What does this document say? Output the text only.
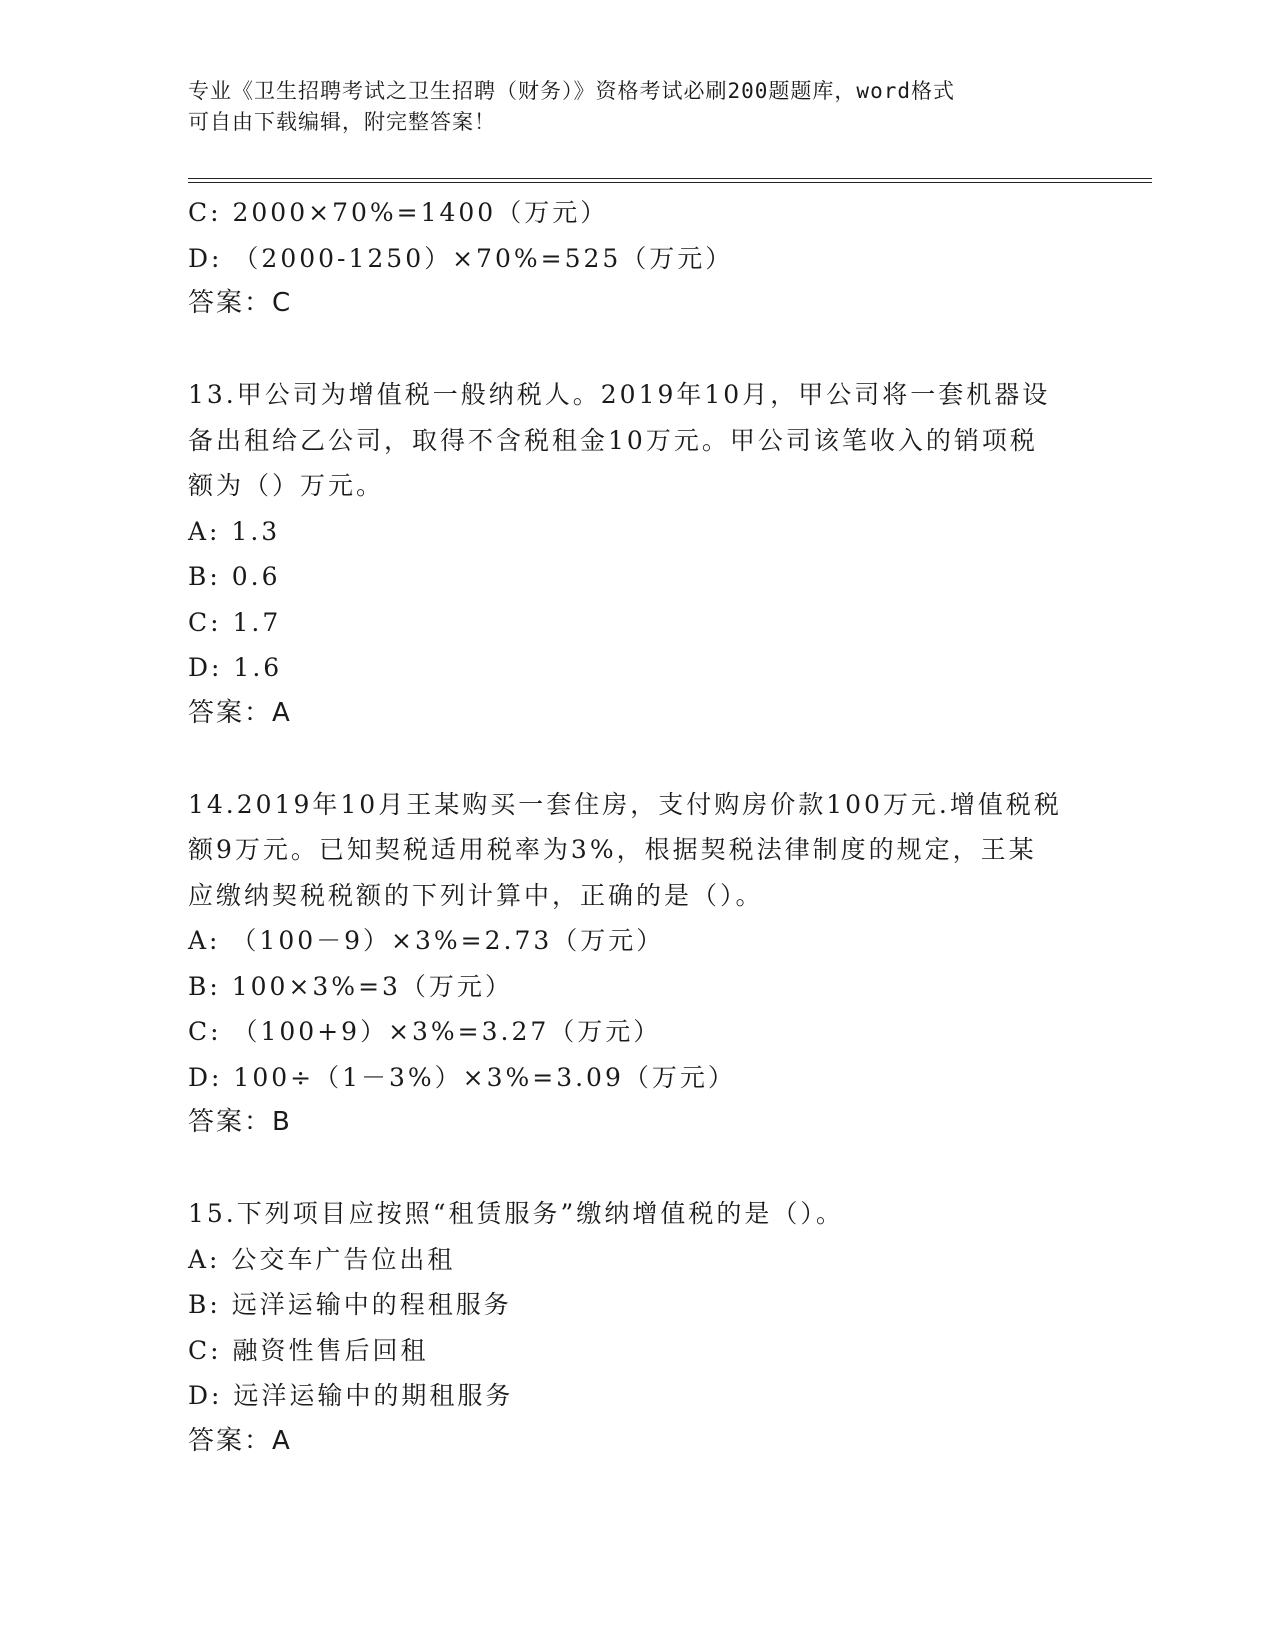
专业《卫生招聘考试之卫生招聘（财务）》资格考试必刷200题题库，word格式
可自由下载编辑，附完整答案！
C: 2000×70%=1400（万元）
D: （2000-1250）×70%=525（万元）
答案：C
13.甲公司为增值税一般纳税人。2019年10月，甲公司将一套机器设
备出租给乙公司，取得不含税租金10万元。甲公司该笔收入的销项税
额为（）万元。
A: 1.3
B: 0.6
C: 1.7
D: 1.6
答案：A
14.2019年10月王某购买一套住房，支付购房价款100万元.增值税税
额9万元。已知契税适用税率为3%，根据契税法律制度的规定，王某
应缴纳契税税额的下列计算中，正确的是（）。
A: （100－9）×3%=2.73（万元）
B: 100×3%=3（万元）
C: （100+9）×3%=3.27（万元）
D: 100÷（1－3%）×3%=3.09（万元）
答案：B
15.下列项目应按照“租赁服务”缴纳增值税的是（）。
A: 公交车广告位出租
B: 远洋运输中的程租服务
C: 融资性售后回租
D: 远洋运输中的期租服务
答案：A
